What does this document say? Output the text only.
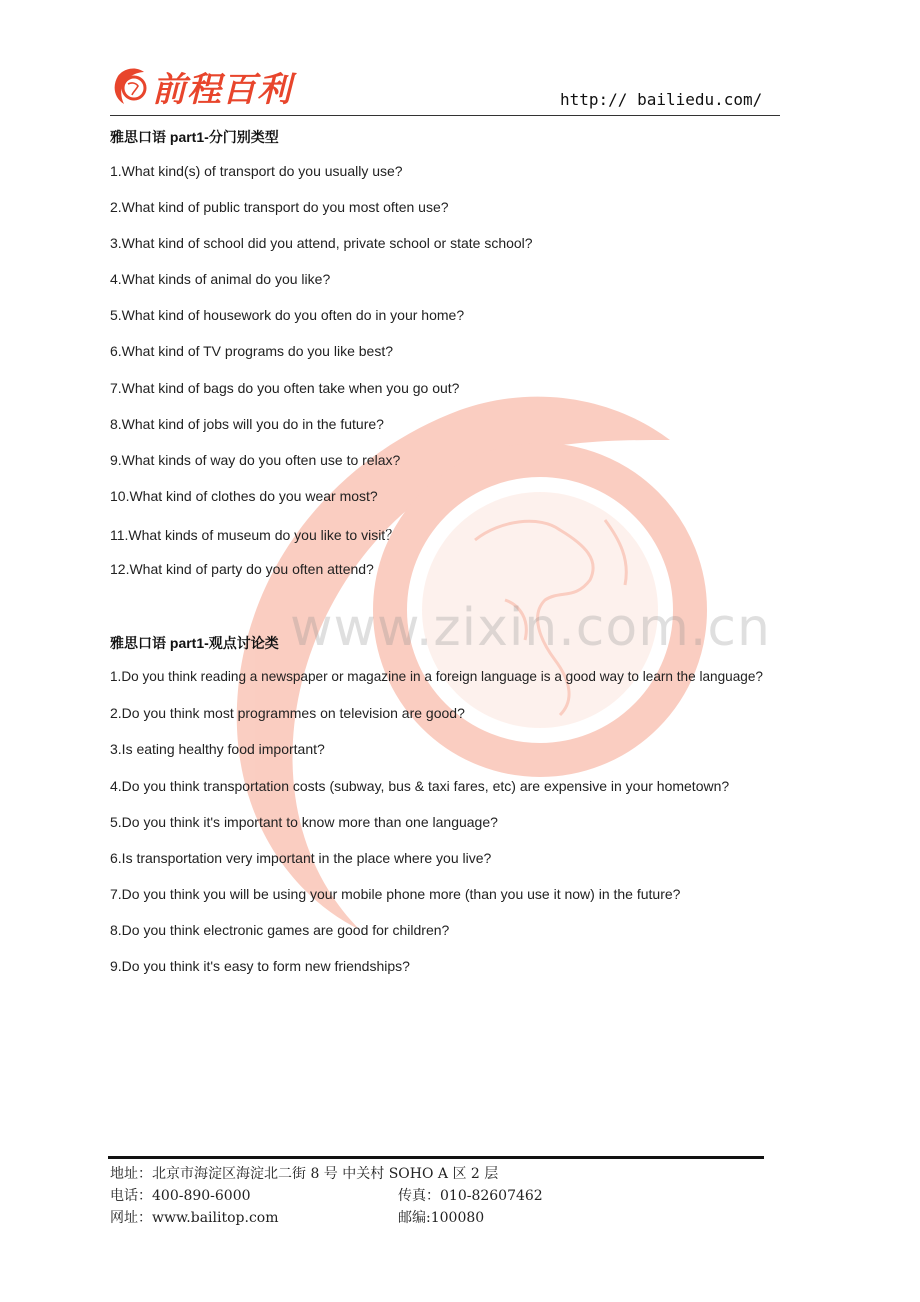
www.zixin.com.cn
前程百利	http:// bailiedu.com/
雅思口语 part1-分门别类型
1.What kind(s) of transport do you usually use?
2.What kind of public transport do you most often use?
3.What kind of school did you attend, private school or state school?
4.What kinds of animal do you like?
5.What kind of housework do you often do in your home?
6.What kind of TV programs do you like best?
7.What kind of bags do you often take when you go out?
8.What kind of jobs will you do in the future?
9.What kinds of way do you often use to relax?
10.What kind of clothes do you wear most?
11.What kinds of museum do you like to visit？
12.What kind of party do you often attend?
雅思口语 part1-观点讨论类
1.Do you think reading a newspaper or magazine in a foreign language is a good way to learn the language?
2.Do you think most programmes on television are good?
3.Is eating healthy food important?
4.Do you think transportation costs (subway, bus & taxi fares, etc) are expensive in your hometown?
5.Do you think it's important to know more than one language?
6.Is transportation very important in the place where you live?
7.Do you think you will be using your mobile phone more (than you use it now) in the future?
8.Do you think electronic games are good for children?
9.Do you think it's easy to form new friendships?
地址：北京市海淀区海淀北二街 8 号 中关村 SOHO A 区 2 层
电话：400-890-6000	传真：010-82607462
网址：www.bailitop.com	邮编:100080
